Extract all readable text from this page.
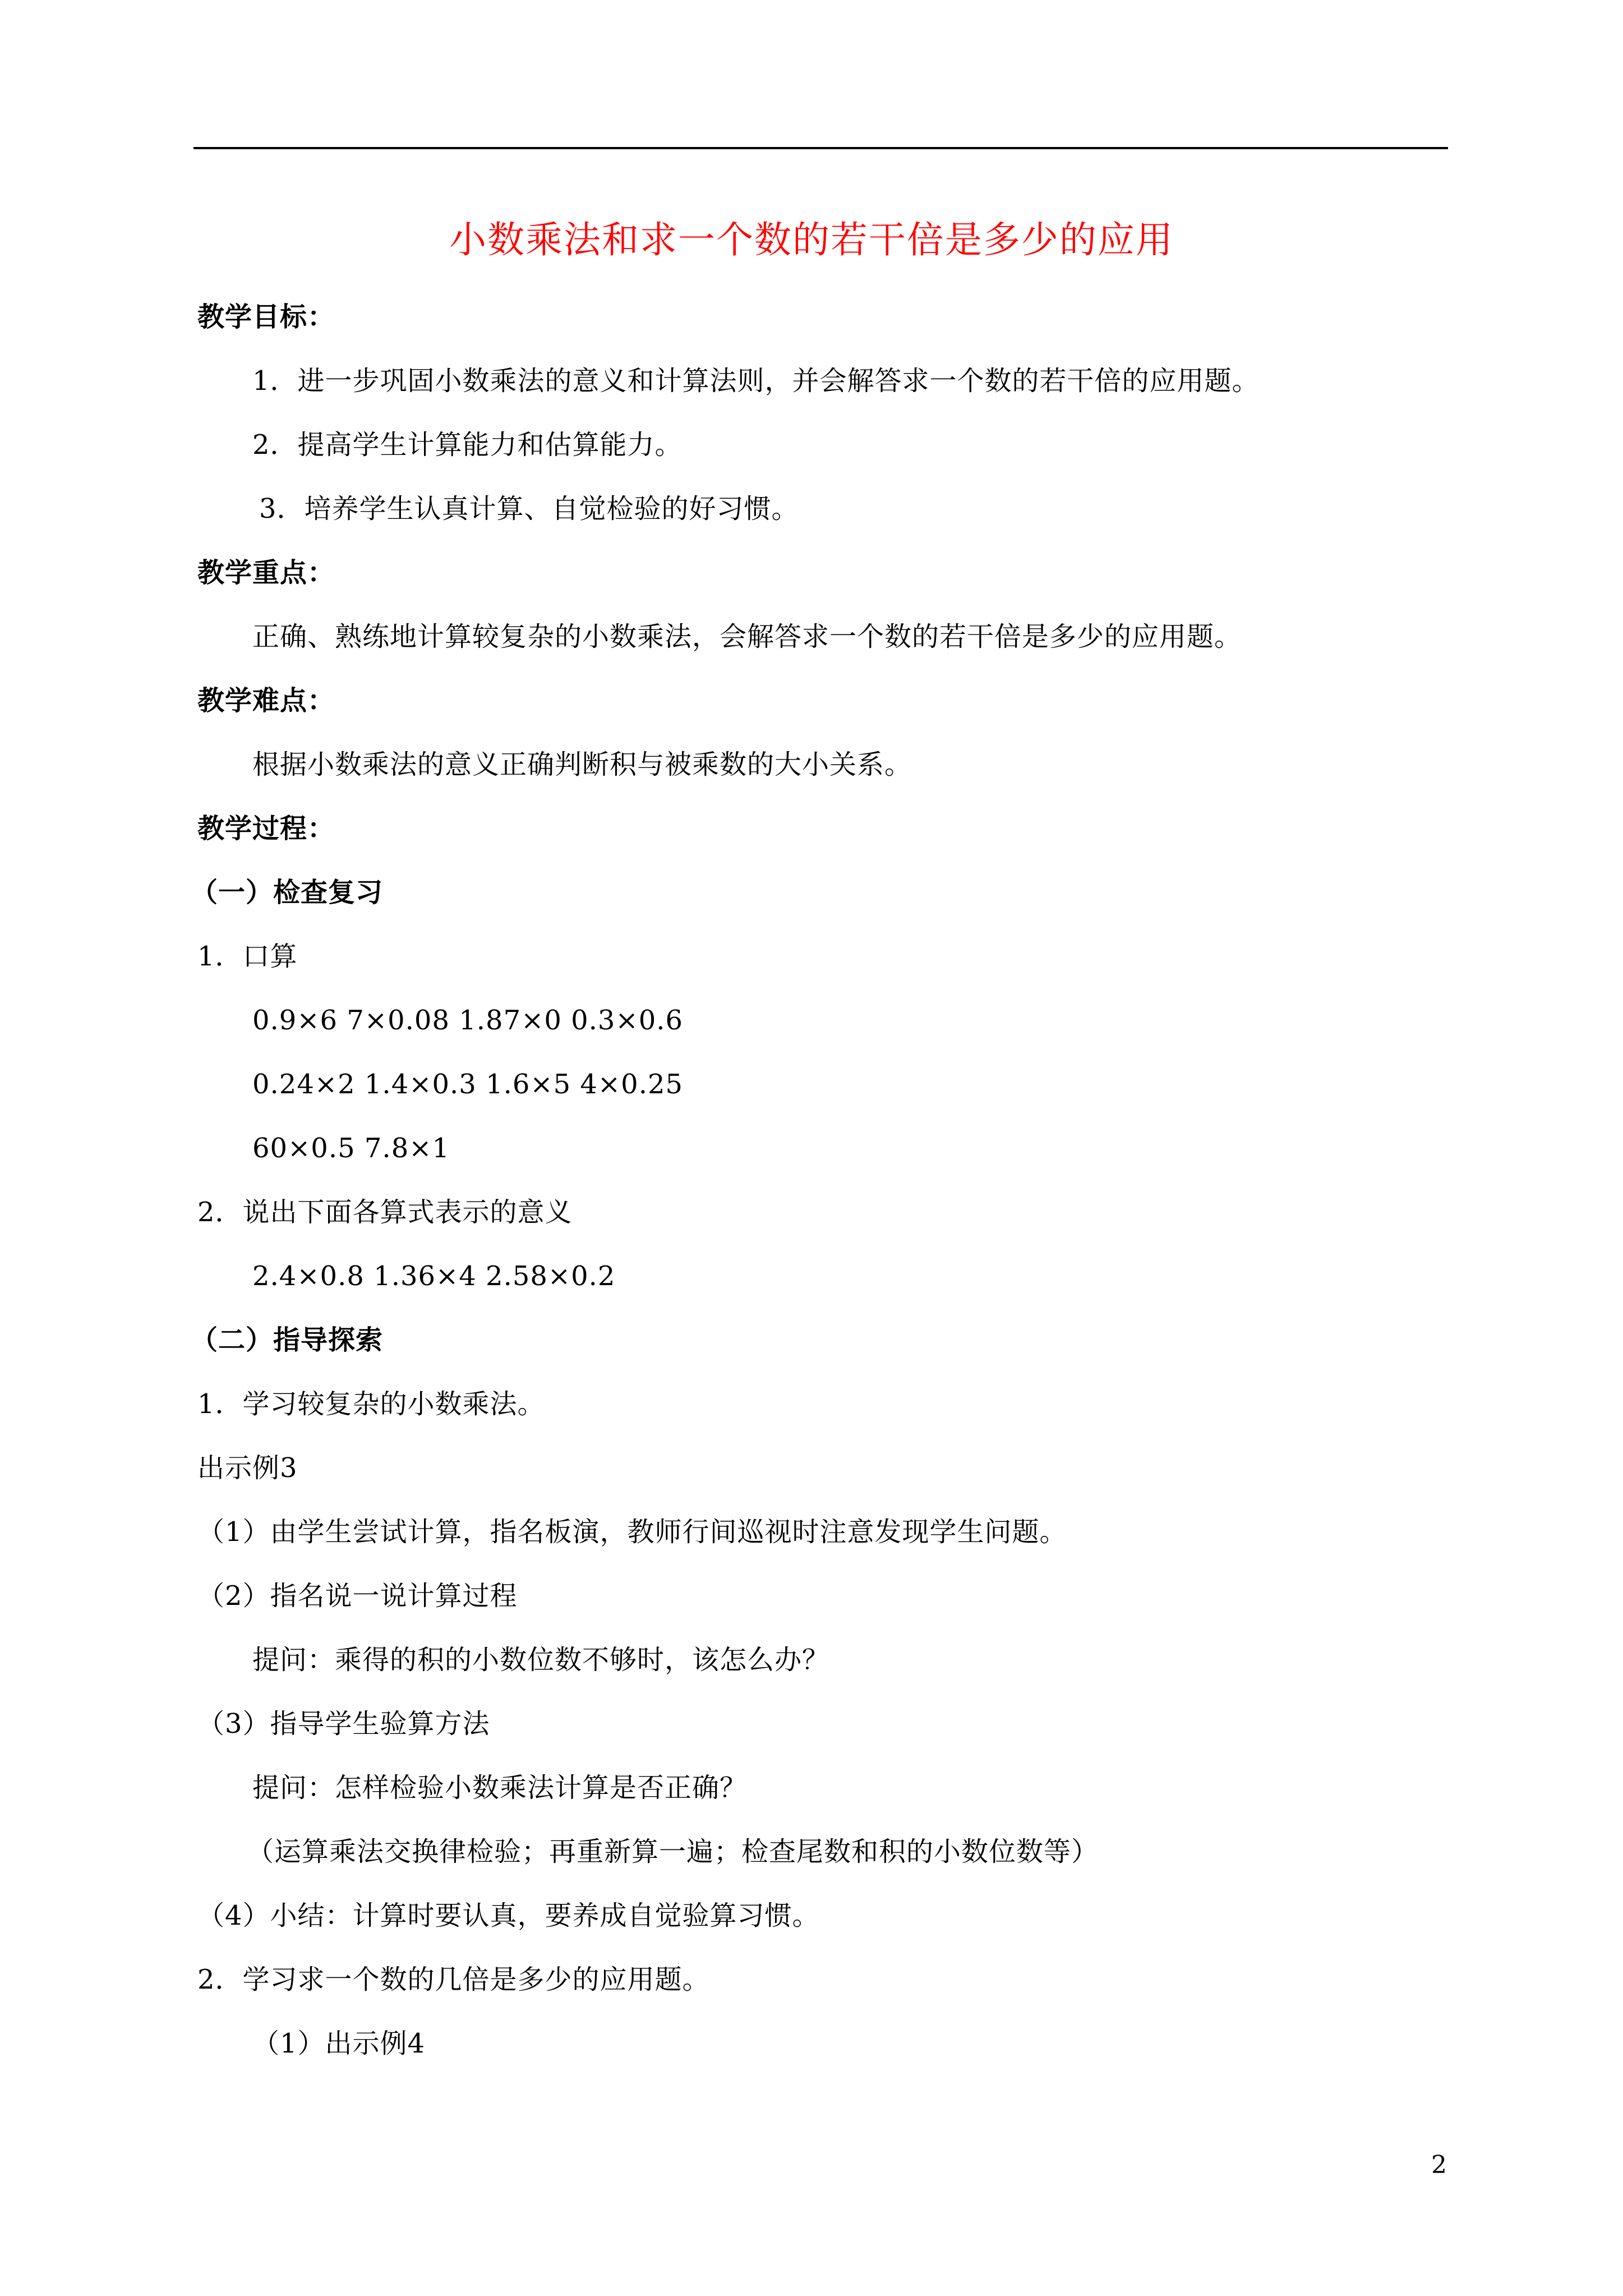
小数乘法和求一个数的若干倍是多少的应用
教学目标：
1．进一步巩固小数乘法的意义和计算法则，并会解答求一个数的若干倍的应用题。
2．提高学生计算能力和估算能力。
3．培养学生认真计算、自觉检验的好习惯。
教学重点：
正确、熟练地计算较复杂的小数乘法，会解答求一个数的若干倍是多少的应用题。
教学难点：
根据小数乘法的意义正确判断积与被乘数的大小关系。
教学过程：
（一）检查复习
1．口算
0.9×6 7×0.08 1.87×0 0.3×0.6
0.24×2 1.4×0.3 1.6×5 4×0.25
60×0.5 7.8×1
2．说出下面各算式表示的意义
2.4×0.8 1.36×4 2.58×0.2
（二）指导探索
1．学习较复杂的小数乘法。
出示例3
（1）由学生尝试计算，指名板演，教师行间巡视时注意发现学生问题。
（2）指名说一说计算过程
提问：乘得的积的小数位数不够时，该怎么办？
（3）指导学生验算方法
提问：怎样检验小数乘法计算是否正确？
（运算乘法交换律检验；再重新算一遍；检查尾数和积的小数位数等）
（4）小结：计算时要认真，要养成自觉验算习惯。
2．学习求一个数的几倍是多少的应用题。
（1）出示例4
2
